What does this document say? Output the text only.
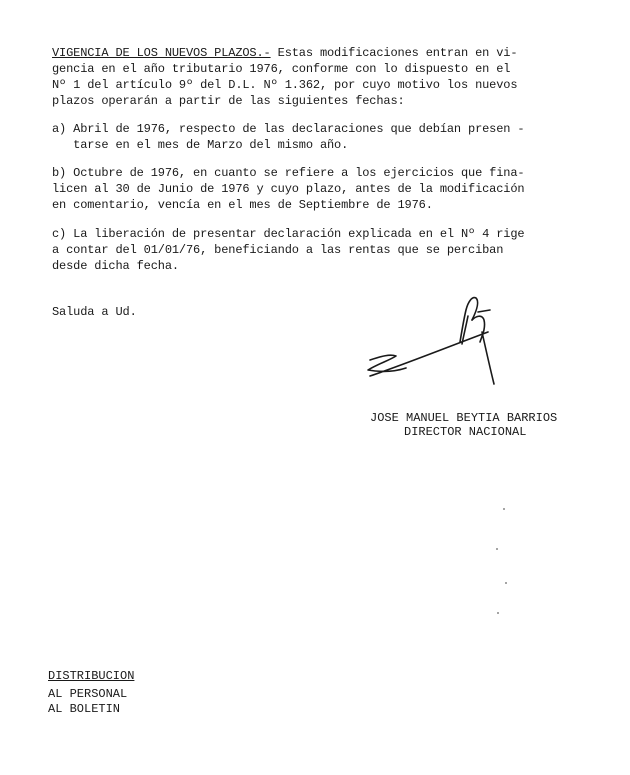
VIGENCIA DE LOS NUEVOS PLAZOS.- Estas modificaciones entran en vi-
gencia en el año tributario 1976, conforme con lo dispuesto en el
Nº 1 del artículo 9º del D.L. Nº 1.362, por cuyo motivo los nuevos
plazos operarán a partir de las siguientes fechas:

a) Abril de 1976, respecto de las declaraciones que debían presen -
tarse en el mes de Marzo del mismo año.

b) Octubre de 1976, en cuanto se refiere a los ejercicios que fina-
licen al 30 de Junio de 1976 y cuyo plazo, antes de la modificación
en comentario, vencía en el mes de Septiembre de 1976.

c) La liberación de presentar declaración explicada en el Nº 4 rige
a contar del 01/01/76, beneficiando a las rentas que se perciban
desde dicha fecha.

Saluda a Ud.

JOSE MANUEL BEYTIA BARRIOS
DIRECTOR NACIONAL
DISTRIBUCION
AL PERSONAL
AL BOLETIN
